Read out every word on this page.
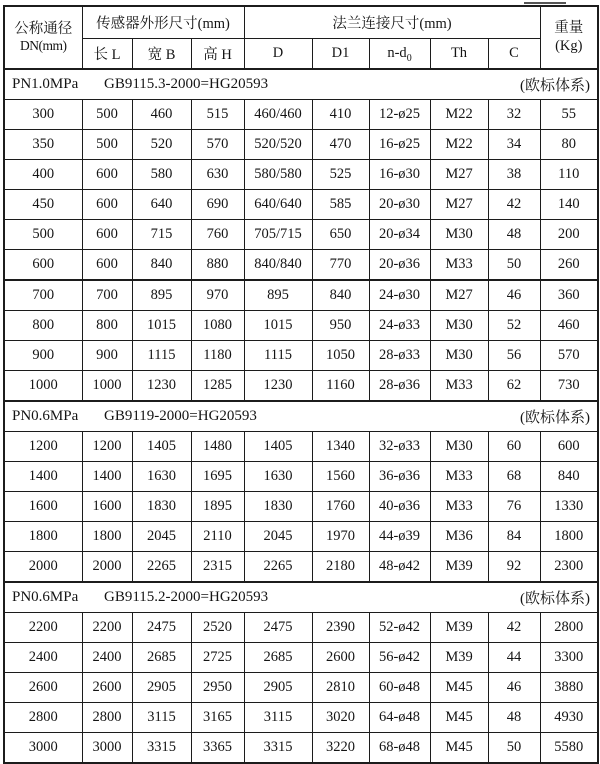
公称通径
DN(mm)
	传感器外形尺寸(mm)	法兰连接尺寸(mm)	重量
(Kg)

	长 L	宽 B	高 H	D	D1	$n-d_0$	Th	C	

PN1.0MPa GB9115.3-2000=HG20593 (欧标体系)									

300	500	460	515	460/460	410	12-ø25	M22	32	55
350	500	520	570	520/520	470	16-ø25	M22	34	80
400	600	580	630	580/580	525	16-ø30	M27	38	110
450	600	640	690	640/640	585	20-ø30	M27	42	140
500	600	715	760	705/715	650	20-ø34	M30	48	200
600	600	840	880	840/840	770	20-ø36	M33	50	260
700	700	895	970	895	840	24-ø30	M27	46	360
800	800	1015	1080	1015	950	24-ø33	M30	52	460
900	900	1115	1180	1115	1050	28-ø33	M30	56	570
1000	1000	1230	1285	1230	1160	28-ø36	M33	62	730

PN0.6MPa GB9119-2000=HG20593 (欧标体系)									

1200	1200	1405	1480	1405	1340	32-ø33	M30	60	600
1400	1400	1630	1695	1630	1560	36-ø36	M33	68	840
1600	1600	1830	1895	1830	1760	40-ø36	M33	76	1330
1800	1800	2045	2110	2045	1970	44-ø39	M36	84	1800
2000	2000	2265	2315	2265	2180	48-ø42	M39	92	2300

PN0.6MPa GB9115.2-2000=HG20593 (欧标体系)									

2200	2200	2475	2520	2475	2390	52-ø42	M39	42	2800
2400	2400	2685	2725	2685	2600	56-ø42	M39	44	3300
2600	2600	2905	2950	2905	2810	60-ø48	M45	46	3880
2800	2800	3115	3165	3115	3020	64-ø48	M45	48	4930
3000	3000	3315	3365	3315	3220	68-ø48	M45	50	5580
